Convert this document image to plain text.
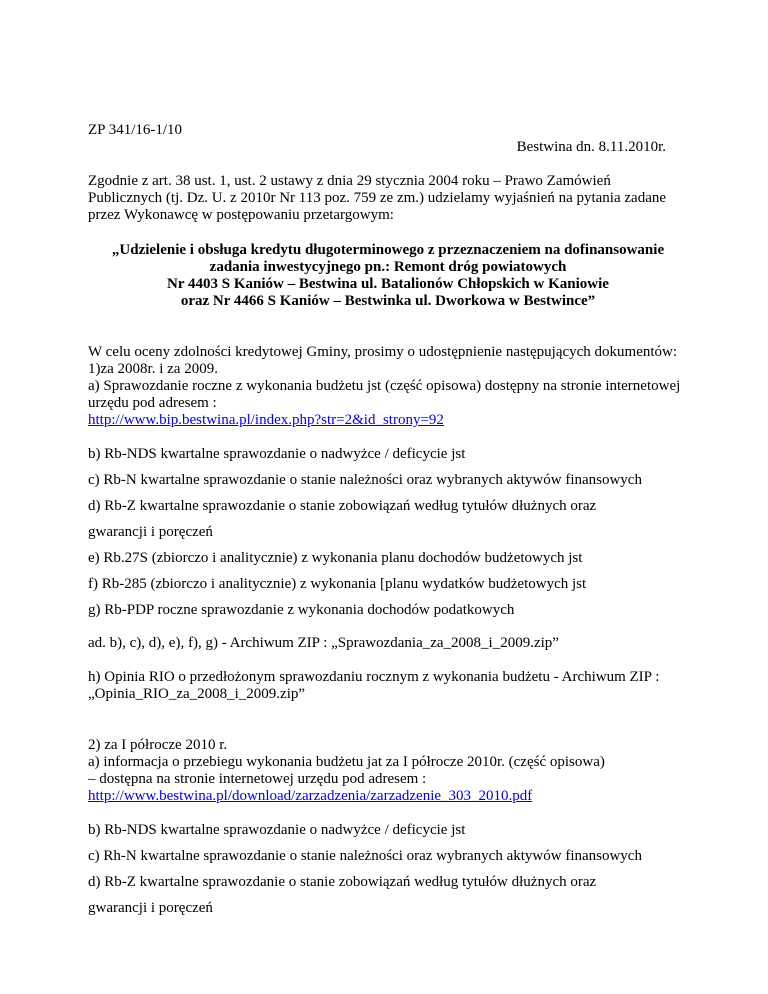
ZP 341/16-1/10

Bestwina dn. 8.11.2010r.

Zgodnie z art. 38 ust. 1, ust. 2 ustawy z dnia 29 stycznia 2004 roku – Prawo Zamówień Publicznych (tj. Dz. U. z 2010r Nr 113 poz. 759 ze zm.) udzielamy wyjaśnień na pytania zadane przez Wykonawcę w postępowaniu przetargowym:

„Udzielenie i obsługa kredytu długoterminowego z przeznaczeniem na dofinansowanie
zadania inwestycyjnego pn.: Remont dróg powiatowych
Nr 4403 S Kaniów – Bestwina ul. Batalionów Chłopskich w Kaniowie
oraz Nr 4466 S Kaniów – Bestwinka ul. Dworkowa w Bestwince”

W celu oceny zdolności kredytowej Gminy, prosimy o udostępnienie następujących dokumentów:

1)za 2008r. i za 2009.

a) Sprawozdanie roczne z wykonania budżetu jst (część opisowa) dostępny na stronie internetowej urzędu pod adresem :

http://www.bip.bestwina.pl/index.php?str=2&id_strony=92

b) Rb-NDS kwartalne sprawozdanie o nadwyżce / deficycie jst

c) Rb-N kwartalne sprawozdanie o stanie należności oraz wybranych aktywów finansowych

d) Rb-Z kwartalne sprawozdanie o stanie zobowiązań według tytułów dłużnych oraz

gwarancji i poręczeń

e) Rb.27S (zbiorczo i analitycznie) z wykonania planu dochodów budżetowych jst

f) Rb-285 (zbiorczo i analitycznie) z wykonania [planu wydatków budżetowych jst

g) Rb-PDP roczne sprawozdanie z wykonania dochodów podatkowych

ad. b), c), d), e), f), g) - Archiwum ZIP : „Sprawozdania_za_2008_i_2009.zip”

h) Opinia RIO o przedłożonym sprawozdaniu rocznym z wykonania budżetu - Archiwum ZIP : „Opinia_RIO_za_2008_i_2009.zip”

2) za I półrocze 2010 r.

a) informacja o przebiegu wykonania budżetu jat za I półrocze 2010r. (część opisowa)

– dostępna na stronie internetowej urzędu pod adresem :

http://www.bestwina.pl/download/zarzadzenia/zarzadzenie_303_2010.pdf

b) Rb-NDS kwartalne sprawozdanie o nadwyżce / deficycie jst

c) Rh-N kwartalne sprawozdanie o stanie należności oraz wybranych aktywów finansowych

d) Rb-Z kwartalne sprawozdanie o stanie zobowiązań według tytułów dłużnych oraz

gwarancji i poręczeń
